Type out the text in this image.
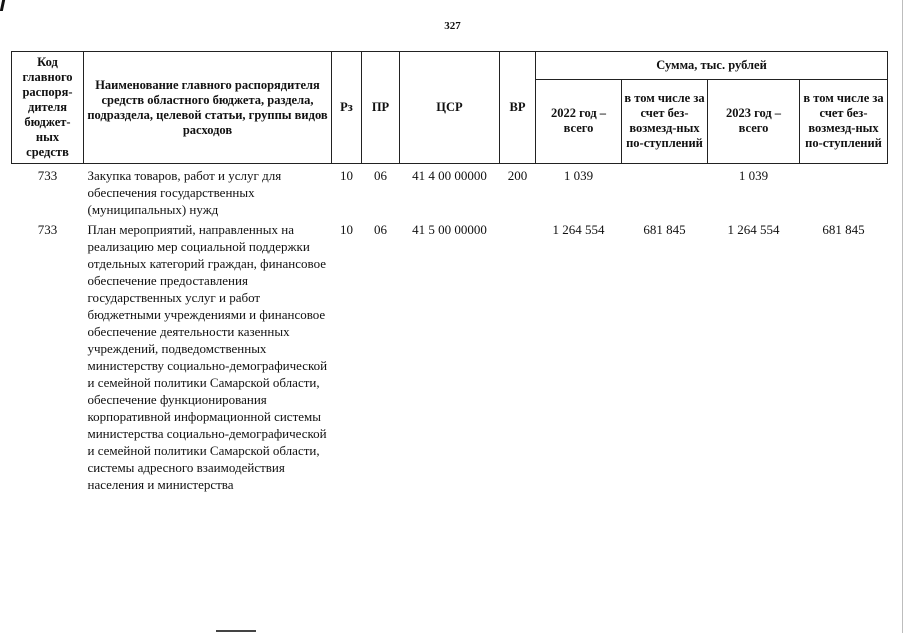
327
Код главного распоря-дителя бюджет-ных средств	Наименование главного распорядителя средств областного бюджета, раздела, подраздела, целевой статьи, группы видов расходов	Рз	ПР	ЦСР	ВР	Сумма, тыс. рублей			
						2022 год – всего	в том числе за счет без-возмезд-ных по-ступлений	2023 год – всего	в том числе за счет без-возмезд-ных по-ступлений
733	Закупка товаров, работ и услуг для обеспечения государственных (муниципальных) нужд	10	06	41 4 00 00000	200	1 039		1 039	
733	План мероприятий, направленных на реализацию мер социальной поддержки отдельных категорий граждан, финансовое обеспечение предоставления государственных услуг и работ бюджетными учреждениями и финансовое обеспечение деятельности казенных учреждений, подведомственных министерству социально-демографической и семейной политики Самарской области, обеспечение функционирования корпоративной информационной системы министерства социально-демографической и семейной политики Самарской области, системы адресного взаимодействия населения и министерства	10	06	41 5 00 00000		1 264 554	681 845	1 264 554	681 845
